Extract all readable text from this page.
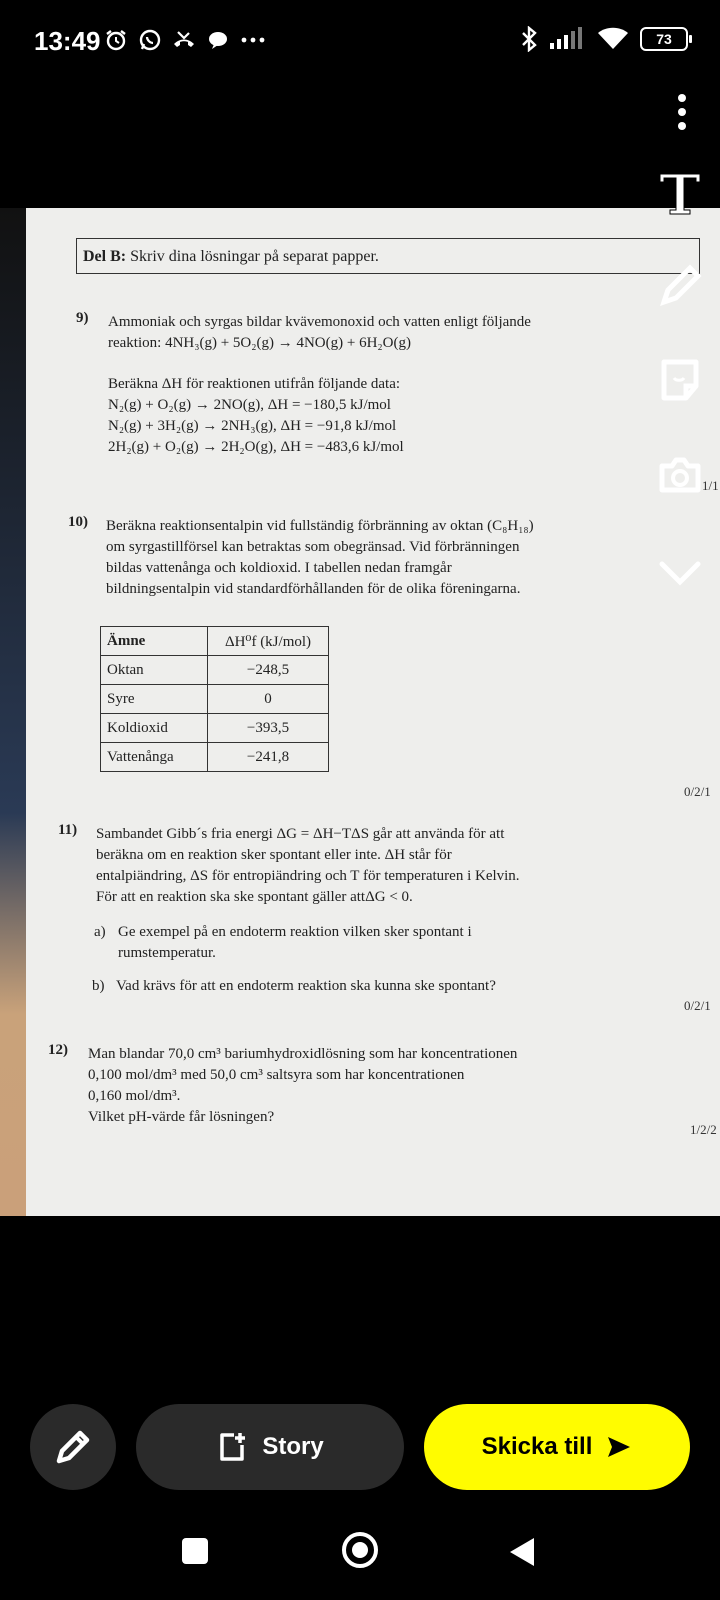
13:49	73
Del B: Skriv dina lösningar på separat papper.
9) Ammoniak och syrgas bildar kvävemonoxid och vatten enligt följande
reaktion: 4NH₃(g) + 5O₂(g) → 4NO(g) + 6H₂O(g)
Beräkna ΔH för reaktionen utifrån följande data:
N₂(g) + O₂(g) → 2NO(g), ΔH = −180,5 kJ/mol
N₂(g) + 3H₂(g) → 2NH₃(g), ΔH = −91,8 kJ/mol
2H₂(g) + O₂(g) → 2H₂O(g), ΔH = −483,6 kJ/mol
1/1
10) Beräkna reaktionsentalpin vid fullständig förbränning av oktan (C₈H₁₈)
om syrgastillförsel kan betraktas som obegränsad. Vid förbränningen
bildas vattenånga och koldioxid. I tabellen nedan framgår
bildningsentalpin vid standardförhållanden för de olika föreningarna.
Ämne	ΔH⁰f (kJ/mol)
Oktan	−248,5
Syre	0
Koldioxid	−393,5
Vattenånga	−241,8
0/2/1
11) Sambandet Gibb´s fria energi ΔG = ΔH−TΔS går att använda för att
beräkna om en reaktion sker spontant eller inte. ΔH står för
entalpiändring, ΔS för entropiändring och T för temperaturen i Kelvin.
För att en reaktion ska ske spontant gäller attΔG < 0.
a) Ge exempel på en endoterm reaktion vilken sker spontant i
rumstemperatur.
b) Vad krävs för att en endoterm reaktion ska kunna ske spontant?
0/2/1
12) Man blandar 70,0 cm³ bariumhydroxidlösning som har koncentrationen
0,100 mol/dm³ med 50,0 cm³ saltsyra som har koncentrationen
0,160 mol/dm³.
Vilket pH-värde får lösningen?
1/2/2
Story	Skicka till
